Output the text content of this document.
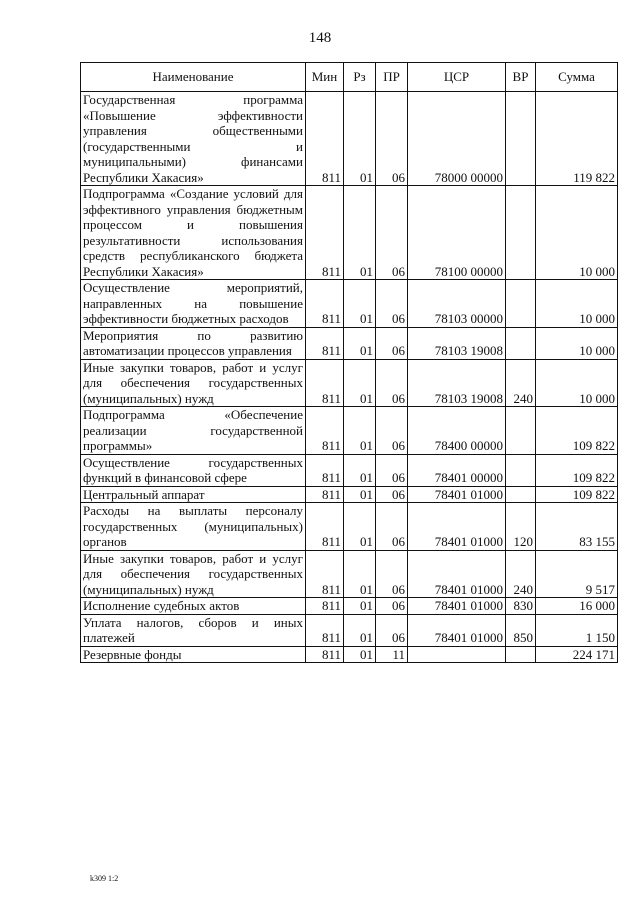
148
Наименование	Мин	Рз	ПР	ЦСР	ВР	Сумма
Государственная программа «Повышение эффективности управления общественными (государственными и муниципальными) финансами Республики Хакасия»	811	01	06	78000 00000		119 822
Подпрограмма «Создание условий для эффективного управления бюджетным процессом и повышения результативности использования средств республиканского бюджета Республики Хакасия»	811	01	06	78100 00000		10 000
Осуществление мероприятий, направленных на повышение эффективности бюджетных расходов	811	01	06	78103 00000		10 000
Мероприятия по развитию автоматизации процессов управления	811	01	06	78103 19008		10 000
Иные закупки товаров, работ и услуг для обеспечения государственных (муниципальных) нужд	811	01	06	78103 19008	240	10 000
Подпрограмма «Обеспечение реализации государственной программы»	811	01	06	78400 00000		109 822
Осуществление государственных функций в финансовой сфере	811	01	06	78401 00000		109 822
Центральный аппарат	811	01	06	78401 01000		109 822
Расходы на выплаты персоналу государственных (муниципальных) органов	811	01	06	78401 01000	120	83 155
Иные закупки товаров, работ и услуг для обеспечения государственных (муниципальных) нужд	811	01	06	78401 01000	240	9 517
Исполнение судебных актов	811	01	06	78401 01000	830	16 000
Уплата налогов, сборов и иных платежей	811	01	06	78401 01000	850	1 150
Резервные фонды	811	01	11			224 171
k309 1:2
